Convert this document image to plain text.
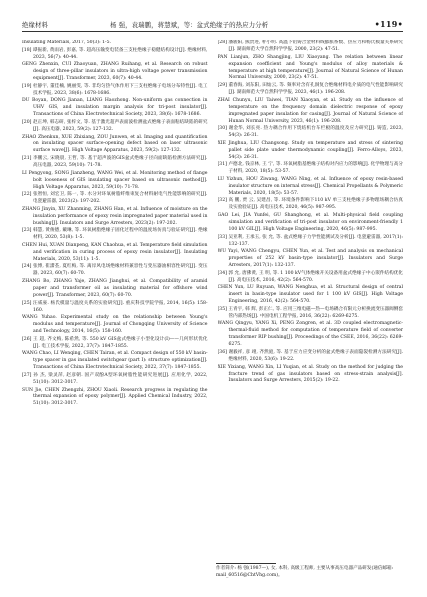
绝缘材料	杨 强，袁瑞鹏，蒋慧斌，等：盆式绝缘子的热应力分析	•119•

Insulating Materials, 2017, 50(3): 1-5.

[18] 谭振新, 黄雨岩, 彭嘉, 等. 超高压输变电装备三支柱绝缘子稳健结构设计[J]. 绝缘材料, 2023, 56(7): 40-44.

GENG Zhenxin, CUI Zhaoyuan, ZHANG Ruihang, et al. Research on robust design of three-pillar insulators in ultra-high voltage power transmission equipment[J]. Transformer, 2023, 60(7): 40-44.

[19] 杜静宇, 董佳楠, 姚丽雯, 等. 非均匀热气体作用下三支柱绝缘子电场分布特性[J]. 电工技术学报, 2023, 38(6): 1678-1686.

DU Boyan, DONG Jianan, LIANG Haozhong. Non-uniform gas connection in UHV GIS, and insulation margin analysis for tri-post insulator[J]. Transactions of China Electrotechnical Society, 2023, 38(6): 1678-1686.

[20] 赵正坤, 韩志研, 张梓文, 等. 基于激光超声表面波检测盆式绝缘子表面粘结缺陷的研究[J]. 高压电器, 2023, 59(2): 127-132.

ZHAO Zhenkun, XUE Zhixiang, ZOU Junwen, et al. Imaging and quantification on insulating spacer surface-opening defect based on laser ultrasonic surface wave[J]. High Voltage Apparatus, 2023, 59(2): 127-132.

[21] 李鹏云, 宋晓晨, 王哲, 等. 基于超声波的GIS盆式绝缘子径向面缺陷检测方法研究[J]. 高压电器, 2023, 59(10): 71-78.

LI Pengyong, SONG Jianzheng, WANG Wei, et al. Monitoring method of flange bolt looseness of GIS insulating spacer based on ultrasonic method[J]. High Voltage Apparatus, 2023, 59(10): 71-78.

[22] 张智恒, 刘宏卫, 陈一, 等. 水分对环氧树脂纤维束复合材料耐电气性能影响的研究[J]. 电瓷避雷器, 2023(2): 197-202.

ZHANG Jinyin, XU Zhanming, ZHANG Han, et al. Influence of moisture on the insulation performance of epoxy resin impregnated paper material used in bushing[J]. Insulators and Surge Arresters, 2023(2): 197-202.

[23] 韩慧, 黄俊德, 戴琳, 等. 环氧树脂绝缘子固化过程中的温度场仿真与验证研究[J]. 绝缘材料, 2020, 53(8): 1-5.

CHEN Hui, XUAN Dianpeng, KAN Chaohua, et al. Temperature field simulation and verification in curing process of epoxy resin insulator[J]. Insulating Materials, 2020, 53(11): 1-5.

[24] 张博, 崔潇荃, 夏红梅, 等. 离岸风电场绝缘材料兼容性与变压器油相容性研究[J]. 变压器, 2023, 60(7): 60-70.

ZHANG Bo, ZHANG Yaje, ZHANG Jianghui, et al. Compatibility of aramid paper and transformer oil as insulating material for offshore wind power[J]. Transformer, 2023, 60(7): 60-70.

[25] 汪威豪. 杨氏模量与温度关系的实验研究[J]. 重庆科技学院学报, 2014, 16(5): 158-160.

WANG Yuhao. Experimental study on the relationship between Young's modulus and temperature[J]. Journal of Chongqing University of Science and Technology, 2014, 16(5): 158-160.

[26] 王 超, 齐文梅, 陈希然, 等. 550 kV GIS盆式绝缘子小型化设计(I)——几何形状优化[J]. 电工技术学报, 2022, 37(7): 1847-1855.

WANG Chao, LI Wenqing, CHEN Tairan, et al. Compact design of 550 kV basin-type spacer in gas insulated switchgear (part I): structure optimization[J]. Transactions of China Electrotechnical Society, 2022, 37(7): 1847-1855.

[27] 孙 杰, 梁灵萍, 赵彦朝. 国产双酚A型环氧树脂性能研究进展[J]. 应用化学, 2022, 51(10): 3012-3017.

SUN Jie, CHEN Zhengzhi, ZHOU Xiaoli. Research progress in regulating the thermal expansion of epoxy polymer[J]. Applied Chemical Industry, 2022, 51(10): 3012-3017.

[28] 潘骏阳, 熊贵进, 朴小明. 高温下铝铸合金材料线膨胀系数、热应力和杨氏模量关系研究[J]. 湖南师范大学自然科学学报, 2000, 23(2): 47-51.

PAN Lianjun, ZHO Shangjing, LIU Xiaoyang. The relation between linear expansion coefficient and Young's modulus of alloy materials & temperature at high temperature[J]. Journal of Natural Science of Hunan Normal University, 2000, 23(2): 47-51.

[29] 董春海, 刘东阳, 田灿云, 等. 频率对含有孔洞复合绝缘材料电介质的电气性能影响研究[J]. 湖南师范大学自然科学学报, 2023, 46(1): 196-208.

ZHAI Chunyu, LIU Taiwei, TIAN Xiaoyan, et al. Study on the influence of temperature on the frequency domain dielectric response of epoxy impregnated paper insulation for casing[J]. Journal of Natural Science of Hunan Normal University, 2023, 46(1): 196-208.

[30] 谢金华, 刘长亮. 热力耦合作用下烧结机台车栏板的温度及应力研究[J]. 铸造, 2023, 54(3): 26-31.

XIE Jinghua, LIU Changsong. Study on temperature and stress of sintering pallet side plate under thermodynamic coupling[J]. Ferro-Alloys, 2023, 54(3): 26-31.

[31] 卢德北, 钱京林, 王 宁, 等. 环氧树脂基绝缘子结构对内应力的影响[J]. 化学物理与高分子材料, 2020, 18(5): 53-57.

LU Yizhun, HOU Ziwang, WANG Ning, et al. Influence of epoxy resin-based insulator structure on internal stress[J]. Chemical Propellants & Polymeric Materials, 2020, 18(5): 53-57.

[32] 高 鹏, 贾 云, 吴建昌, 等. 环境条件影响下110 kV 单三支柱绝缘子多物理场耦合仿真及实验验证[J]. 高电压技术, 2020, 46(5): 987-995.

GAO Lei, JIA Yunfei, GU Shanghong, et al. Multi-physical field coupling simulation and verification of tri-post insulator on environment-friendly 1 100 kV GIL[J]. High Voltage Engineering, 2020, 46(5): 987-995.

[33] 吴亚利, 王承玉, 张 允, 等. 盆式绝缘子力学性能测试及分析[J]. 电瓷避雷器, 2017(1): 132-137.

WU Yayi, WANG Chengyu, CHEN Yun, et al. Test and analysis on mechanical properties of 252 kV basin-type insulator[J]. Insulators and Surge Arresters, 2017(1): 132-137.

[34] 郭 允, 唐佛黄, 王 明, 等. 1 100 kV气体绝缘开关设备用盆式绝缘子中心嵌件结构优化[J]. 高电压技术, 2016, 42(2): 564-570.

CHEN Yun, LU Ruyuan, WANG Nenghua, et al. Structural design of central insert in basin-type insulator used for 1 100 kV GIS[J]. High Voltage Engineering, 2016, 42(2): 564-570.

[35] 王青宇, 韩 辉, 彭正仁, 等. 应用三维电磁—热—电场耦合有限元分析换流变压器阀侧套管内部热场[J]. 中国电机工程学报, 2016, 36(22): 6269-6275.

WANG Qingyu, YANG Xi, PENG Zongren, et al. 3D coupled electromagnetic-thermal-fluid method for computation of temperature field of converter transformer RIP bushing[J]. Proceedings of the CSEE, 2016, 36(22): 6269-6275.

[36] 谢毅祥, 彦 翊, 齐然庭, 等. 基于应力应变分析的盆式绝缘子表面隐裂检测方法研究[J]. 绝缘材料, 2020, 53(6): 19-22.

XIE Yixiang, WANG Xin, LI Yuqian, et al. Study on the method for judging the fracture trend of gas insulators based on stress-strain analysis[J]. Insulators and Surge Arresters, 2015(2): 19-22.

作者简介: 杨 强(1987—), 女, 本科, 高级工程师, 主要从事高压电器产品研发(通信邮箱: mail_60516@ChtVhg.com)。
